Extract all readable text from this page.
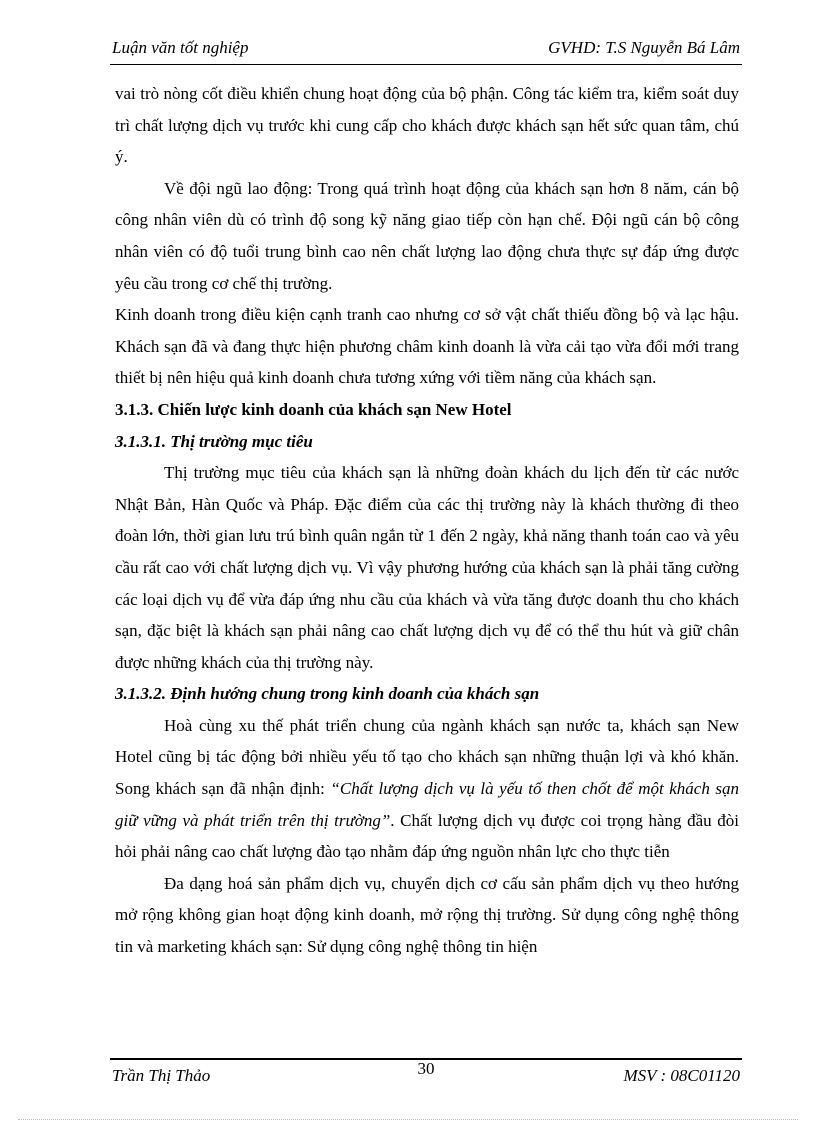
Luận văn tốt nghiệp	GVHD: T.S Nguyễn Bá Lâm

vai trò nòng cốt điều khiển chung hoạt động của bộ phận. Công tác kiểm tra, kiểm soát duy trì chất lượng dịch vụ trước khi cung cấp cho khách được khách sạn hết sức quan tâm, chú ý.

Về đội ngũ lao động: Trong quá trình hoạt động của khách sạn hơn 8 năm, cán bộ công nhân viên dù có trình độ song kỹ năng giao tiếp còn hạn chế. Đội ngũ cán bộ công nhân viên có độ tuổi trung bình cao nên chất lượng lao động chưa thực sự đáp ứng được yêu cầu trong cơ chế thị trường.

Kinh doanh trong điều kiện cạnh tranh cao nhưng cơ sở vật chất thiếu đồng bộ và lạc hậu. Khách sạn đã và đang thực hiện phương châm kinh doanh là vừa cải tạo vừa đổi mới trang thiết bị nên hiệu quả kinh doanh chưa tương xứng với tiềm năng của khách sạn.

3.1.3. Chiến lược kinh doanh của khách sạn New Hotel

3.1.3.1. Thị trường mục tiêu

Thị trường mục tiêu của khách sạn là những đoàn khách du lịch đến từ các nước Nhật Bản, Hàn Quốc và Pháp. Đặc điểm của các thị trường này là khách thường đi theo đoàn lớn, thời gian lưu trú bình quân ngắn từ 1 đến 2 ngày, khả năng thanh toán cao và yêu cầu rất cao với chất lượng dịch vụ. Vì vậy phương hướng của khách sạn là phải tăng cường các loại dịch vụ để vừa đáp ứng nhu cầu của khách và vừa tăng được doanh thu cho khách sạn, đặc biệt là khách sạn phải nâng cao chất lượng dịch vụ để có thể thu hút và giữ chân được những khách của thị trường này.

3.1.3.2. Định hướng chung trong kinh doanh của khách sạn

Hoà cùng xu thế phát triển chung của ngành khách sạn nước ta, khách sạn New Hotel cũng bị tác động bởi nhiều yếu tố tạo cho khách sạn những thuận lợi và khó khăn. Song khách sạn đã nhận định: “Chất lượng dịch vụ là yếu tố then chốt để một khách sạn giữ vững và phát triển trên thị trường”. Chất lượng dịch vụ được coi trọng hàng đầu đòi hỏi phải nâng cao chất lượng đào tạo nhằm đáp ứng nguồn nhân lực cho thực tiễn

Đa dạng hoá sản phẩm dịch vụ, chuyển dịch cơ cấu sản phẩm dịch vụ theo hướng mở rộng không gian hoạt động kinh doanh, mở rộng thị trường. Sử dụng công nghệ thông tin và marketing khách sạn: Sử dụng công nghệ thông tin hiện

Trần Thị Thảo	30	MSV : 08C01120
